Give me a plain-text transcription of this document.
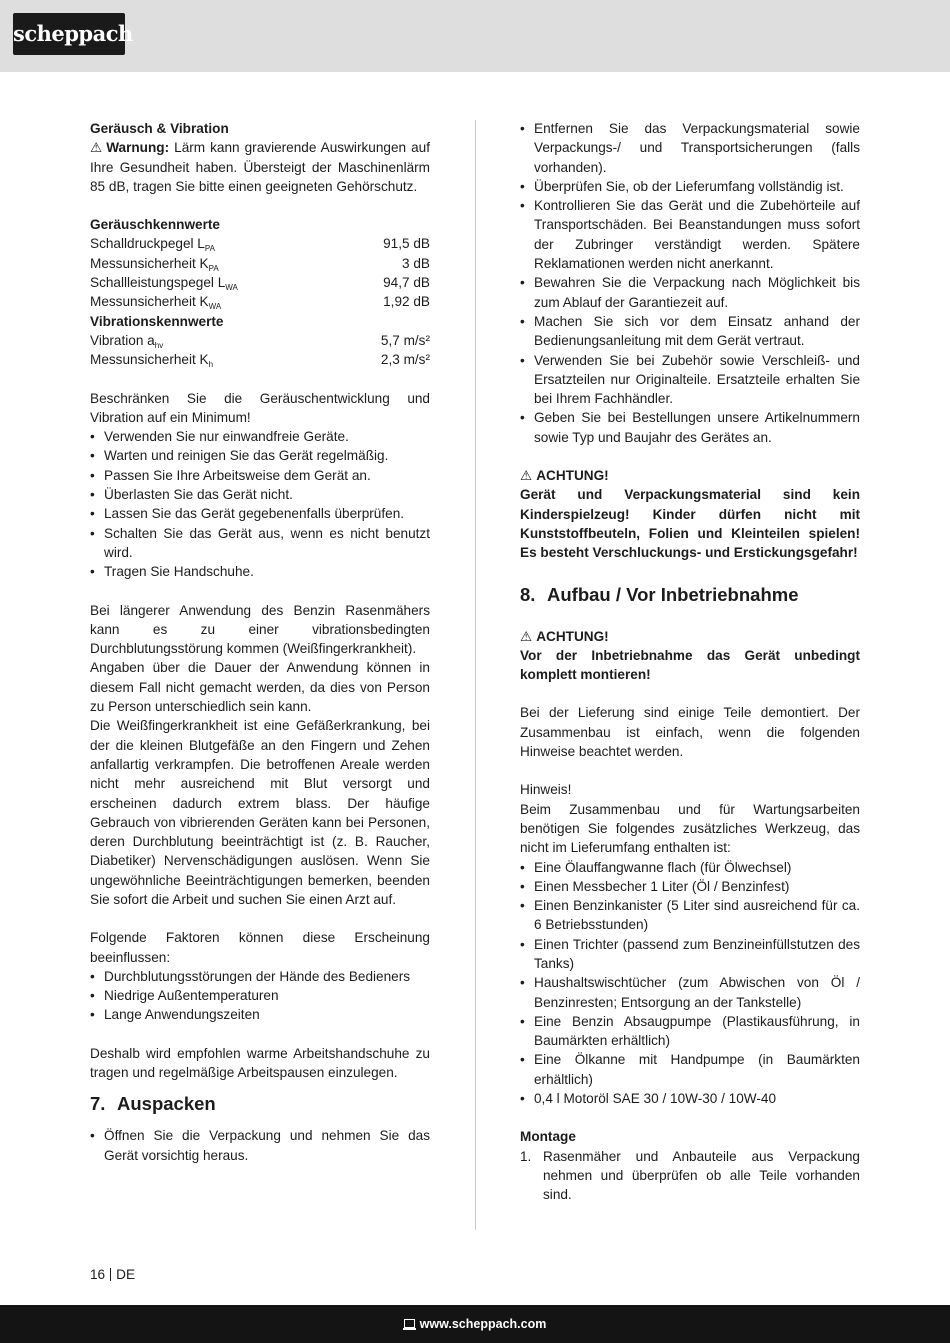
scheppach

Geräusch & Vibration

⚠ Warnung: Lärm kann gravierende Auswirkungen auf Ihre Gesundheit haben. Übersteigt der Maschinenlärm 85 dB, tragen Sie bitte einen geeigneten Gehörschutz.

Geräuschkennwerte

Schalldruckpegel $L_{PA}$	91,5 dB
Messunsicherheit $K_{PA}$	3 dB
Schallleistungspegel $L_{WA}$	94,7 dB
Messunsicherheit $K_{WA}$	1,92 dB
Vibrationskennwerte	
Vibration $a_{hv}$	5,7 m/s²
Messunsicherheit $K_h$	2,3 m/s²

Beschränken Sie die Geräuschentwicklung und Vibration auf ein Minimum!

• Verwenden Sie nur einwandfreie Geräte.
• Warten und reinigen Sie das Gerät regelmäßig.
• Passen Sie Ihre Arbeitsweise dem Gerät an.
• Überlasten Sie das Gerät nicht.
• Lassen Sie das Gerät gegebenenfalls überprüfen.
• Schalten Sie das Gerät aus, wenn es nicht benutzt wird.
• Tragen Sie Handschuhe.

Bei längerer Anwendung des Benzin Rasenmähers kann es zu einer vibrationsbedingten Durchblutungsstörung kommen (Weißfingerkrankheit).

Angaben über die Dauer der Anwendung können in diesem Fall nicht gemacht werden, da dies von Person zu Person unterschiedlich sein kann.

Die Weißfingerkrankheit ist eine Gefäßerkrankung, bei der die kleinen Blutgefäße an den Fingern und Zehen anfallartig verkrampfen. Die betroffenen Areale werden nicht mehr ausreichend mit Blut versorgt und erscheinen dadurch extrem blass. Der häufige Gebrauch von vibrierenden Geräten kann bei Personen, deren Durchblutung beeinträchtigt ist (z. B. Raucher, Diabetiker) Nervenschädigungen auslösen. Wenn Sie ungewöhnliche Beeinträchtigungen bemerken, beenden Sie sofort die Arbeit und suchen Sie einen Arzt auf.

Folgende Faktoren können diese Erscheinung beeinflussen:

• Durchblutungsstörungen der Hände des Bedieners
• Niedrige Außentemperaturen
• Lange Anwendungszeiten

Deshalb wird empfohlen warme Arbeitshandschuhe zu tragen und regelmäßige Arbeitspausen einzulegen.

7. Auspacken
• Öffnen Sie die Verpackung und nehmen Sie das Gerät vorsichtig heraus.
• Entfernen Sie das Verpackungsmaterial sowie Verpackungs-/ und Transportsicherungen (falls vorhanden).
• Überprüfen Sie, ob der Lieferumfang vollständig ist.
• Kontrollieren Sie das Gerät und die Zubehörteile auf Transportschäden. Bei Beanstandungen muss sofort der Zubringer verständigt werden. Spätere Reklamationen werden nicht anerkannt.
• Bewahren Sie die Verpackung nach Möglichkeit bis zum Ablauf der Garantiezeit auf.
• Machen Sie sich vor dem Einsatz anhand der Bedienungsanleitung mit dem Gerät vertraut.
• Verwenden Sie bei Zubehör sowie Verschleiß- und Ersatzteilen nur Originalteile. Ersatzteile erhalten Sie bei Ihrem Fachhändler.
• Geben Sie bei Bestellungen unsere Artikelnummern sowie Typ und Baujahr des Gerätes an.

⚠ ACHTUNG!

Gerät und Verpackungsmaterial sind kein Kinderspielzeug! Kinder dürfen nicht mit Kunststoffbeuteln, Folien und Kleinteilen spielen! Es besteht Verschluckungs- und Erstickungsgefahr!

8. Aufbau / Vor Inbetriebnahme

⚠ ACHTUNG!

Vor der Inbetriebnahme das Gerät unbedingt komplett montieren!

Bei der Lieferung sind einige Teile demontiert. Der Zusammenbau ist einfach, wenn die folgenden Hinweise beachtet werden.

Hinweis!

Beim Zusammenbau und für Wartungsarbeiten benötigen Sie folgendes zusätzliches Werkzeug, das nicht im Lieferumfang enthalten ist:

• Eine Ölauffangwanne flach (für Ölwechsel)
• Einen Messbecher 1 Liter (Öl / Benzinfest)
• Einen Benzinkanister (5 Liter sind ausreichend für ca. 6 Betriebsstunden)
• Einen Trichter (passend zum Benzineinfüllstutzen des Tanks)
• Haushaltswischtücher (zum Abwischen von Öl / Benzinresten; Entsorgung an der Tankstelle)
• Eine Benzin Absaugpumpe (Plastikausführung, in Baumärkten erhältlich)
• Eine Ölkanne mit Handpumpe (in Baumärkten erhältlich)
• 0,4 l Motoröl SAE 30 / 10W-30 / 10W-40

Montage

1. Rasenmäher und Anbauteile aus Verpackung nehmen und überprüfen ob alle Teile vorhanden sind.
16 DE
www.scheppach.com
